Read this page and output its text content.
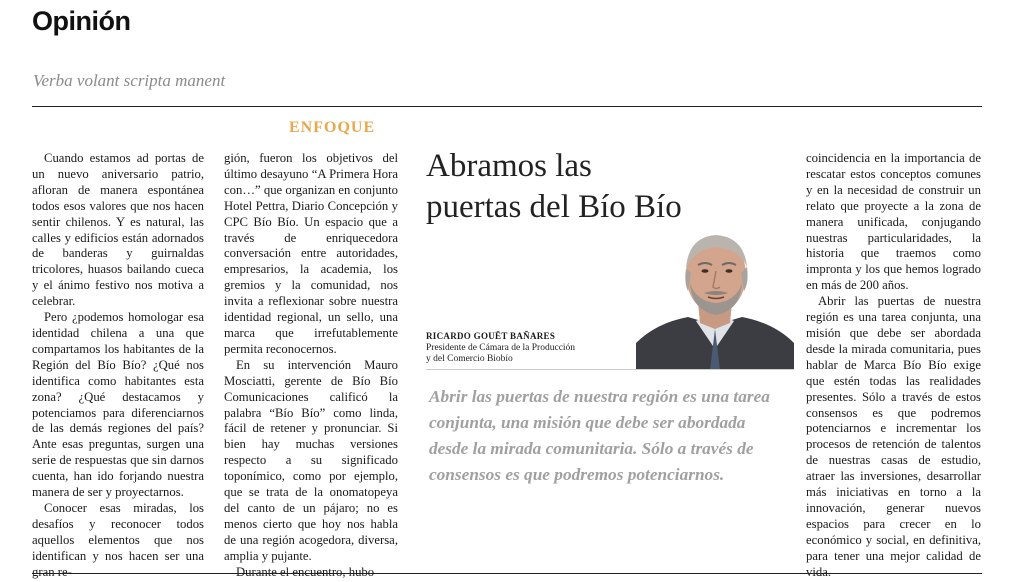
Opinión
Verba volant scripta manent
ENFOQUE

Cuando estamos ad portas de un nuevo aniversario patrio, afloran de manera espontánea todos esos valores que nos hacen sentir chilenos. Y es natural, las calles y edificios están adornados de banderas y guirnaldas tricolores, huasos bailando cueca y el ánimo festivo nos motiva a celebrar.

Pero ¿podemos homologar esa identidad chilena a una que compartamos los habitantes de la Región del Bío Bío? ¿Qué nos identifica como habitantes esta zona? ¿Qué destacamos y potenciamos para diferenciarnos de las demás regiones del país? Ante esas preguntas, surgen una serie de respuestas que sin darnos cuenta, han ido forjando nuestra manera de ser y proyectarnos.

Conocer esas miradas, los desafíos y reconocer todos aquellos elementos que nos identifican y nos hacen ser una gran re-

gión, fueron los objetivos del último desayuno “A Primera Hora con…” que organizan en conjunto Hotel Pettra, Diario Concepción y CPC Bío Bío. Un espacio que a través de enriquecedora conversación entre autoridades, empresarios, la academia, los gremios y la comunidad, nos invita a reflexionar sobre nuestra identidad regional, un sello, una marca que irrefutablemente permita reconocernos.

En su intervención Mauro Mosciatti, gerente de Bío Bío Comunicaciones calificó la palabra “Bío Bío” como linda, fácil de retener y pronunciar. Si bien hay muchas versiones respecto a su significado toponímico, como por ejemplo, que se trata de la onomatopeya del canto de un pájaro; no es menos cierto que hoy nos habla de una región acogedora, diversa, amplia y pujante.

Durante el encuentro, hubo

Abramos las
puertas del Bío Bío
RICARDO GOUËT BAÑARES
Presidente de Cámara de la Producción
y del Comercio Biobío
Abrir las puertas de nuestra región es una tarea conjunta, una misión que debe ser abordada desde la mirada comunitaria. Sólo a través de consensos es que podremos potenciarnos.

coincidencia en la importancia de rescatar estos conceptos comunes y en la necesidad de construir un relato que proyecte a la zona de manera unificada, conjugando nuestras particularidades, la historia que traemos como impronta y los que hemos logrado en más de 200 años.

Abrir las puertas de nuestra región es una tarea conjunta, una misión que debe ser abordada desde la mirada comunitaria, pues hablar de Marca Bío Bío exige que estén todas las realidades presentes. Sólo a través de estos consensos es que podremos potenciarnos e incrementar los procesos de retención de talentos de nuestras casas de estudio, atraer las inversiones, desarrollar más iniciativas en torno a la innovación, generar nuevos espacios para crecer en lo económico y social, en definitiva, para tener una mejor calidad de vida.
